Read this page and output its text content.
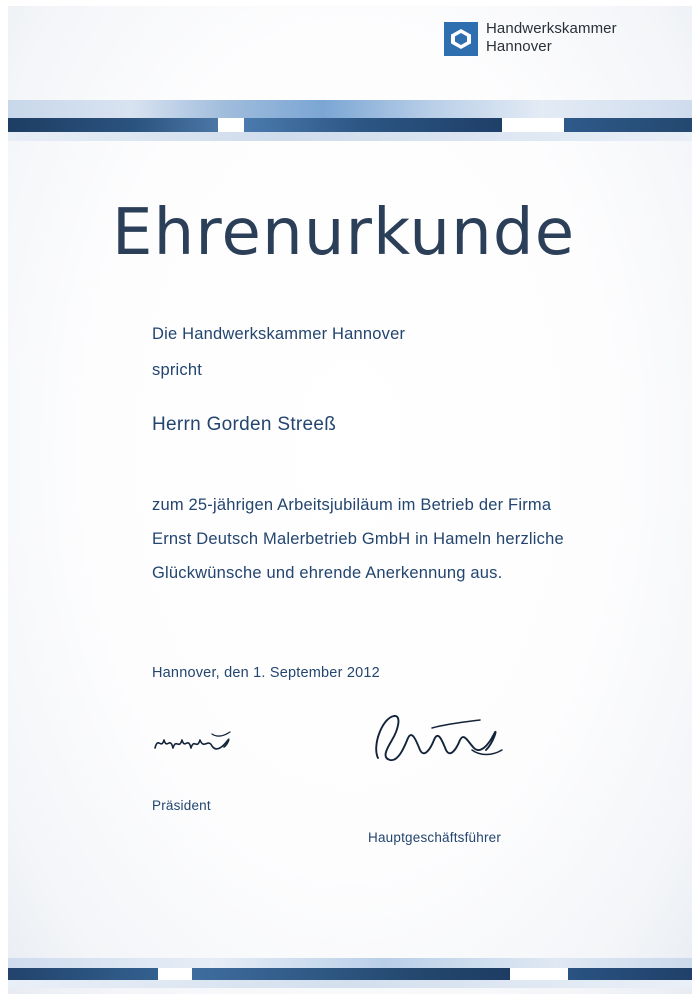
Handwerkskammer
Hannover
Ehrenurkunde
Die Handwerkskammer Hannover
spricht
Herrn Gorden Streeß
zum 25-jährigen Arbeitsjubiläum im Betrieb der Firma Ernst Deutsch Malerbetrieb GmbH in Hameln herzliche Glückwünsche und ehrende Anerkennung aus.
Hannover, den 1. September 2012
Präsident
Hauptgeschäftsführer
